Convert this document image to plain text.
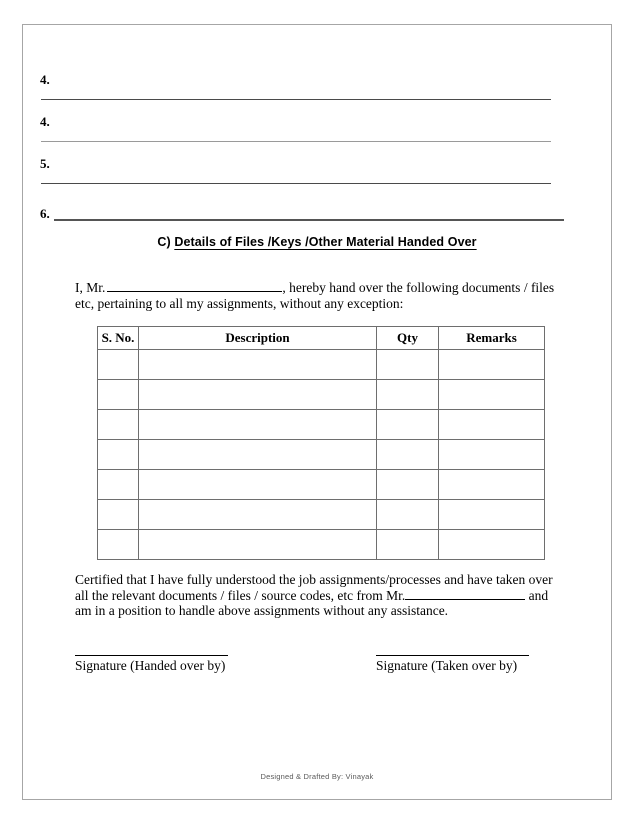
4.
4.
5.
6.
C) Details of Files /Keys /Other Material Handed Over
I, Mr.	, hereby hand over the following documents / files etc, pertaining to all my assignments, without any exception:
S. No.	Description	Qty	Remarks

Certified that I have fully understood the job assignments/processes and have taken over all the relevant documents / files / source codes, etc from Mr.	and am in a position to handle above assignments without any assistance.
Signature (Handed over by)	Signature (Taken over by)
Designed & Drafted By: Vinayak
